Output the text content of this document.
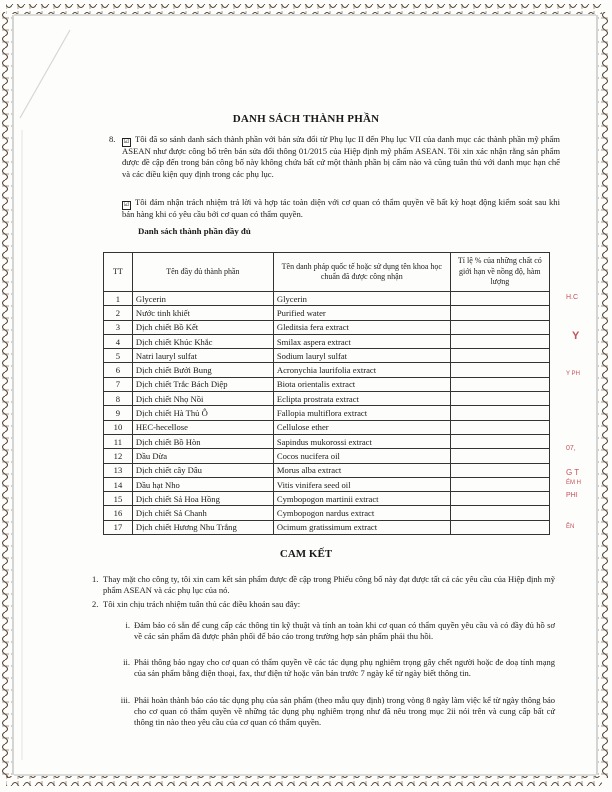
DANH SÁCH THÀNH PHẦN
8. ☑ Tôi đã so sánh danh sách thành phần với bản sửa đổi từ Phụ lục II đến Phụ lục VII của danh mục các thành phần mỹ phẩm ASEAN như được công bố trên bản sửa đổi thông 01/2015 của Hiệp định mỹ phẩm ASEAN. Tôi xin xác nhận rằng sản phẩm được đề cập đến trong bản công bố này không chứa bất cứ một thành phần bị cấm nào và cũng tuân thủ với danh mục hạn chế và các điều kiện quy định trong các phụ lục.
☑ Tôi đảm nhận trách nhiệm trả lời và hợp tác toàn diện với cơ quan có thẩm quyền về bất kỳ hoạt động kiểm soát sau khi bán hàng khi có yêu cầu bởi cơ quan có thẩm quyền.
Danh sách thành phần đầy đủ
TT	Tên đầy đủ thành phần	Tên danh pháp quốc tế hoặc sử dụng tên khoa học chuẩn đã được công nhận	Tỉ lệ % của những chất có giới hạn về nồng độ, hàm lượng
1	Glycerin	Glycerin	
2	Nước tinh khiết	Purified water	
3	Dịch chiết Bồ Kết	Gleditsia fera extract	
4	Dịch chiết Khúc Khắc	Smilax aspera extract	
5	Natri lauryl sulfat	Sodium lauryl sulfat	
6	Dịch chiết Bưởi Bung	Acronychia laurifolia extract	
7	Dịch chiết Trắc Bách Diệp	Biota orientalis extract	
8	Dịch chiết Nhọ Nồi	Eclipta prostrata extract	
9	Dịch chiết Hà Thủ Ô	Fallopia multiflora extract	
10	HEC-hecellose	Cellulose ether	
11	Dịch chiết Bồ Hòn	Sapindus mukorossi extract	
12	Dầu Dừa	Cocos nucifera oil	
13	Dịch chiết cây Dâu	Morus alba extract	
14	Dầu hạt Nho	Vitis vinifera seed oil	
15	Dịch chiết Sả Hoa Hồng	Cymbopogon martinii extract	
16	Dịch chiết Sả Chanh	Cymbopogon nardus extract	
17	Dịch chiết Hương Nhu Trắng	Ocimum gratissimum extract	
CAM KẾT
1. Thay mặt cho công ty, tôi xin cam kết sản phẩm được đề cập trong Phiếu công bố này đạt được tất cả các yêu cầu của Hiệp định mỹ phẩm ASEAN và các phụ lục của nó.
2. Tôi xin chịu trách nhiệm tuân thủ các điều khoản sau đây:
i. Đảm bảo có sẵn để cung cấp các thông tin kỹ thuật và tính an toàn khi cơ quan có thẩm quyền yêu cầu và có đầy đủ hồ sơ về các sản phẩm đã được phân phối để báo cáo trong trường hợp sản phẩm phải thu hồi.
ii. Phải thông báo ngay cho cơ quan có thẩm quyền về các tác dụng phụ nghiêm trọng gây chết người hoặc đe doạ tính mạng của sản phẩm bằng điện thoại, fax, thư điện tử hoặc văn bản trước 7 ngày kể từ ngày biết thông tin.
iii. Phải hoàn thành báo cáo tác dụng phụ của sản phẩm (theo mẫu quy định) trong vòng 8 ngày làm việc kể từ ngày thông báo cho cơ quan có thẩm quyền về những tác dụng phụ nghiêm trọng như đã nêu trong mục 2ii nói trên và cung cấp bất cứ thông tin nào theo yêu cầu của cơ quan có thẩm quyền.
H.C
Y
Y PH
07,
G T
ÉM H
PHI
ÊN
